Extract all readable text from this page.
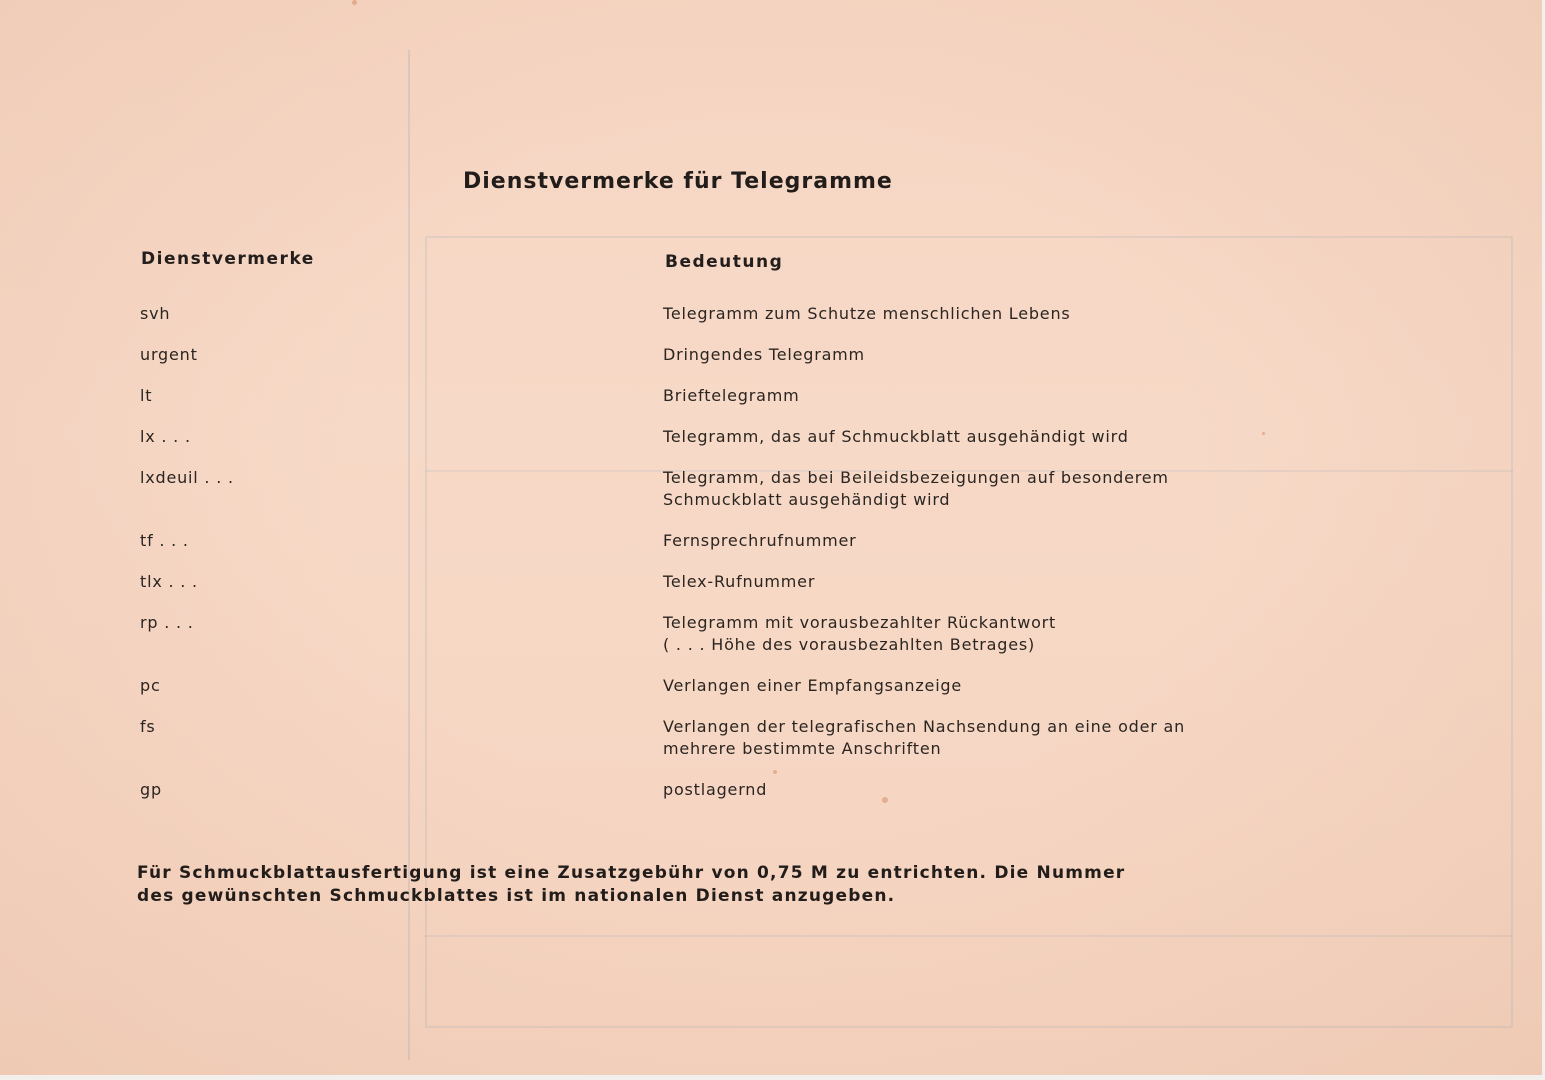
Dienstvermerke für Telegramme
Dienstvermerke	Bedeutung
svh	Telegramm zum Schutze menschlichen Lebens
urgent	Dringendes Telegramm
lt	Brieftelegramm
lx . . .	Telegramm, das auf Schmuckblatt ausgehändigt wird
lxdeuil . . .	Telegramm, das bei Beileidsbezeigungen auf besonderem
Schmuckblatt ausgehändigt wird
tf . . .	Fernsprechrufnummer
tlx . . .	Telex-Rufnummer
rp . . .	Telegramm mit vorausbezahlter Rückantwort
( . . . Höhe des vorausbezahlten Betrages)
pc	Verlangen einer Empfangsanzeige
fs	Verlangen der telegrafischen Nachsendung an eine oder an
mehrere bestimmte Anschriften
gp	postlagernd
Für Schmuckblattausfertigung ist eine Zusatzgebühr von 0,75 M zu entrichten. Die Nummer
des gewünschten Schmuckblattes ist im nationalen Dienst anzugeben.
